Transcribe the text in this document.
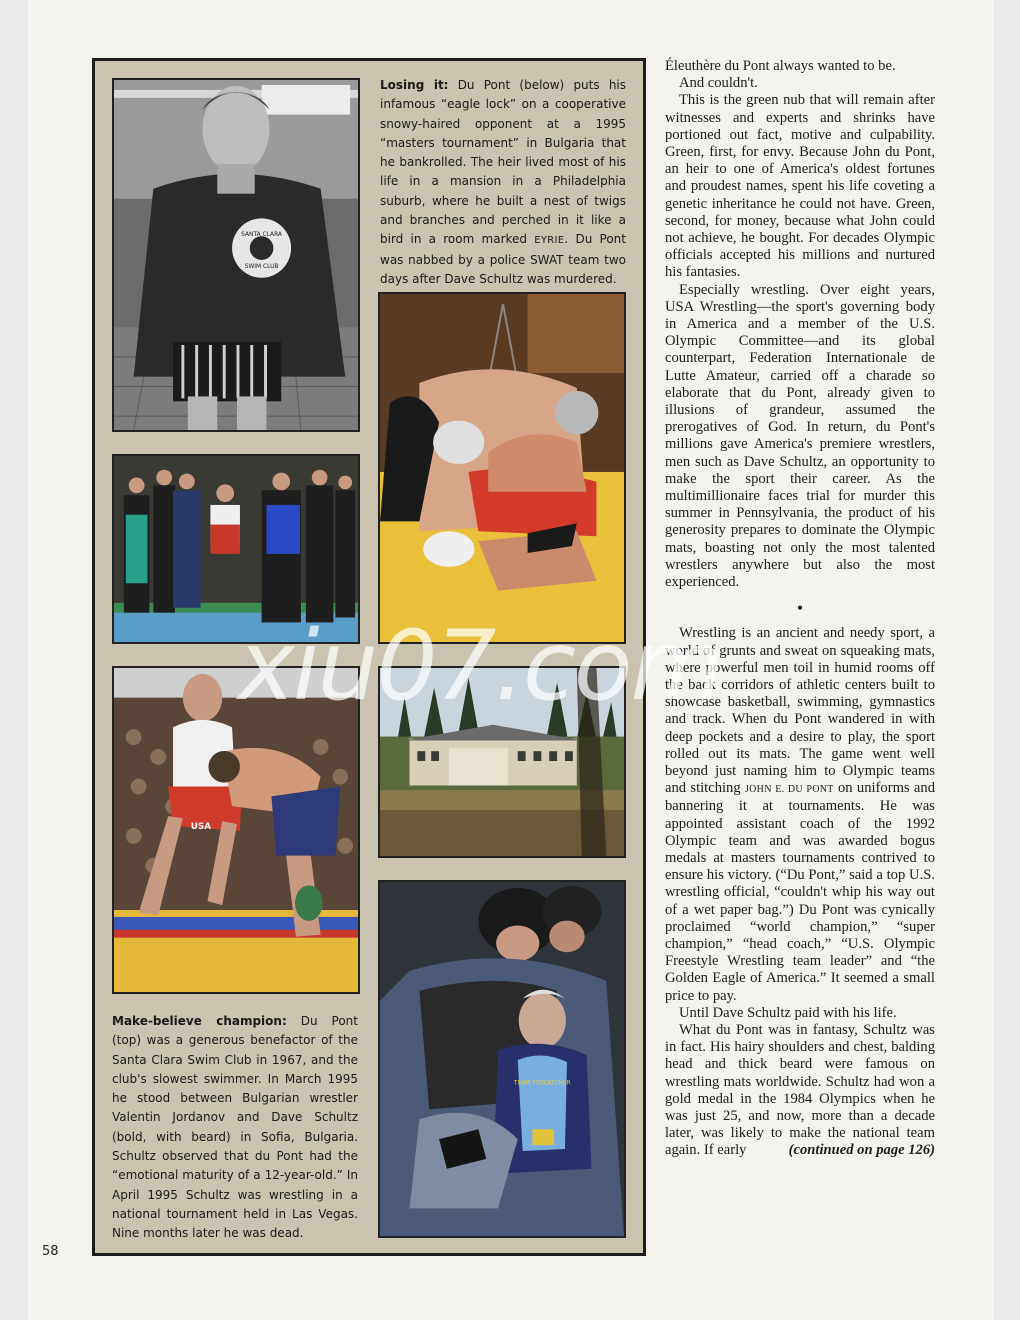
SANTA CLARA
SWIM CLUB

Losing it: Du Pont (below) puts his infamous “eagle lock” on a cooperative snowy-haired opponent at a 1995 “masters tournament” in Bulgaria that he bankrolled. The heir lived most of his life in a mansion in a Philadelphia suburb, where he built a nest of twigs and branches and perched in it like a bird in a room marked EYRIE. Du Pont was nabbed by a police SWAT team two days after Dave Schultz was murdered.

USA
TEAM FOXCATCHER

Make-believe champion: Du Pont (top) was a generous benefactor of the Santa Clara Swim Club in 1967, and the club's slowest swimmer. In March 1995 he stood between Bulgarian wrestler Valentin Jordanov and Dave Schultz (bold, with beard) in Sofia, Bulgaria. Schultz observed that du Pont had the “emotional maturity of a 12-year-old.” In April 1995 Schultz was wrestling in a national tournament held in Las Vegas. Nine months later he was dead.

Éleuthère du Pont always wanted to be.

And couldn't.

This is the green nub that will remain after witnesses and experts and shrinks have portioned out fact, motive and culpability. Green, first, for envy. Because John du Pont, an heir to one of America's oldest fortunes and proudest names, spent his life coveting a genetic inheritance he could not have. Green, second, for money, because what John could not achieve, he bought. For decades Olympic officials accepted his millions and nurtured his fantasies.

Especially wrestling. Over eight years, USA Wrestling—the sport's governing body in America and a member of the U.S. Olympic Committee—and its global counterpart, Federation Internationale de Lutte Amateur, carried off a charade so elaborate that du Pont, already given to illusions of grandeur, assumed the prerogatives of God. In return, du Pont's millions gave America's premiere wrestlers, men such as Dave Schultz, an opportunity to make the sport their career. As the multimillionaire faces trial for murder this summer in Pennsylvania, the product of his generosity prepares to dominate the Olympic mats, boasting not only the most talented wrestlers anywhere but also the most experienced.

•

Wrestling is an ancient and needy sport, a world of grunts and sweat on squeaking mats, where powerful men toil in humid rooms off the back corridors of athletic centers built to showcase basketball, swimming, gymnastics and track. When du Pont wandered in with deep pockets and a desire to play, the sport rolled out its mats. The game went well beyond just naming him to Olympic teams and stitching JOHN E. DU PONT on uniforms and bannering it at tournaments. He was appointed assistant coach of the 1992 Olympic team and was awarded bogus medals at masters tournaments contrived to ensure his victory. (“Du Pont,” said a top U.S. wrestling official, “couldn't whip his way out of a wet paper bag.”) Du Pont was cynically proclaimed “world champion,” “super champion,” “head coach,” “U.S. Olympic Freestyle Wrestling team leader” and “the Golden Eagle of America.” It seemed a small price to pay.

Until Dave Schultz paid with his life.

What du Pont was in fantasy, Schultz was in fact. His hairy shoulders and chest, balding head and thick beard were famous on wrestling mats worldwide. Schultz had won a gold medal in the 1984 Olympics when he was just 25, and now, more than a decade later, was likely to make the national team again. If early	(continued on page 126)

58
xiu07.com
